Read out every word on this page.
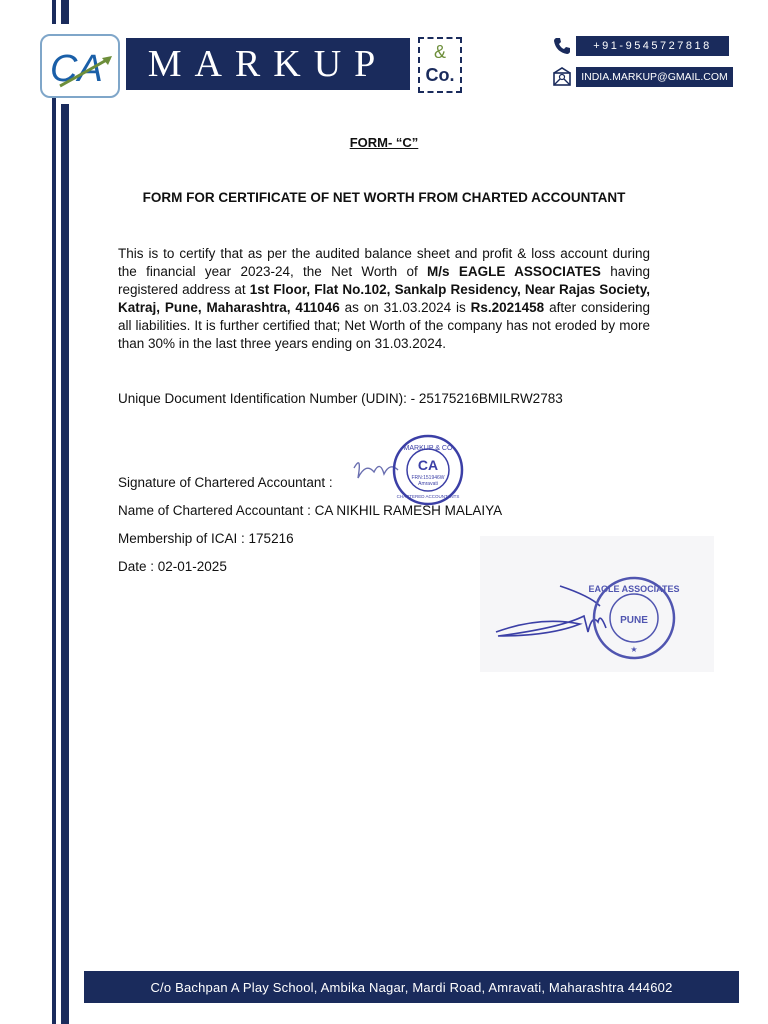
CA MARKUP	&
Co.
+91-9545727818
INDIA.MARKUP@GMAIL.COM
FORM- “C”
FORM FOR CERTIFICATE OF NET WORTH FROM CHARTED ACCOUNTANT
This is to certify that as per the audited balance sheet and profit & loss account during the financial year 2023-24, the Net Worth of M/s EAGLE ASSOCIATES having registered address at 1st Floor, Flat No.102, Sankalp Residency, Near Rajas Society, Katraj, Pune, Maharashtra, 411046 as on 31.03.2024 is Rs.2021458 after considering all liabilities. It is further certified that; Net Worth of the company has not eroded by more than 30% in the last three years ending on 31.03.2024.
Unique Document Identification Number (UDIN): - 25175216BMILRW2783
Signature of Chartered Accountant :
Name of Chartered Accountant : CA NIKHIL RAMESH MALAIYA
Membership of ICAI : 175216
Date : 02-01-2025
MARKUP & CO
CA
FRN:151946W
Amravati
CHARTERED ACCOUNTANTS
EAGLE ASSOCIATES
PUNE
★
C/o Bachpan A Play School, Ambika Nagar, Mardi Road, Amravati, Maharashtra 444602
